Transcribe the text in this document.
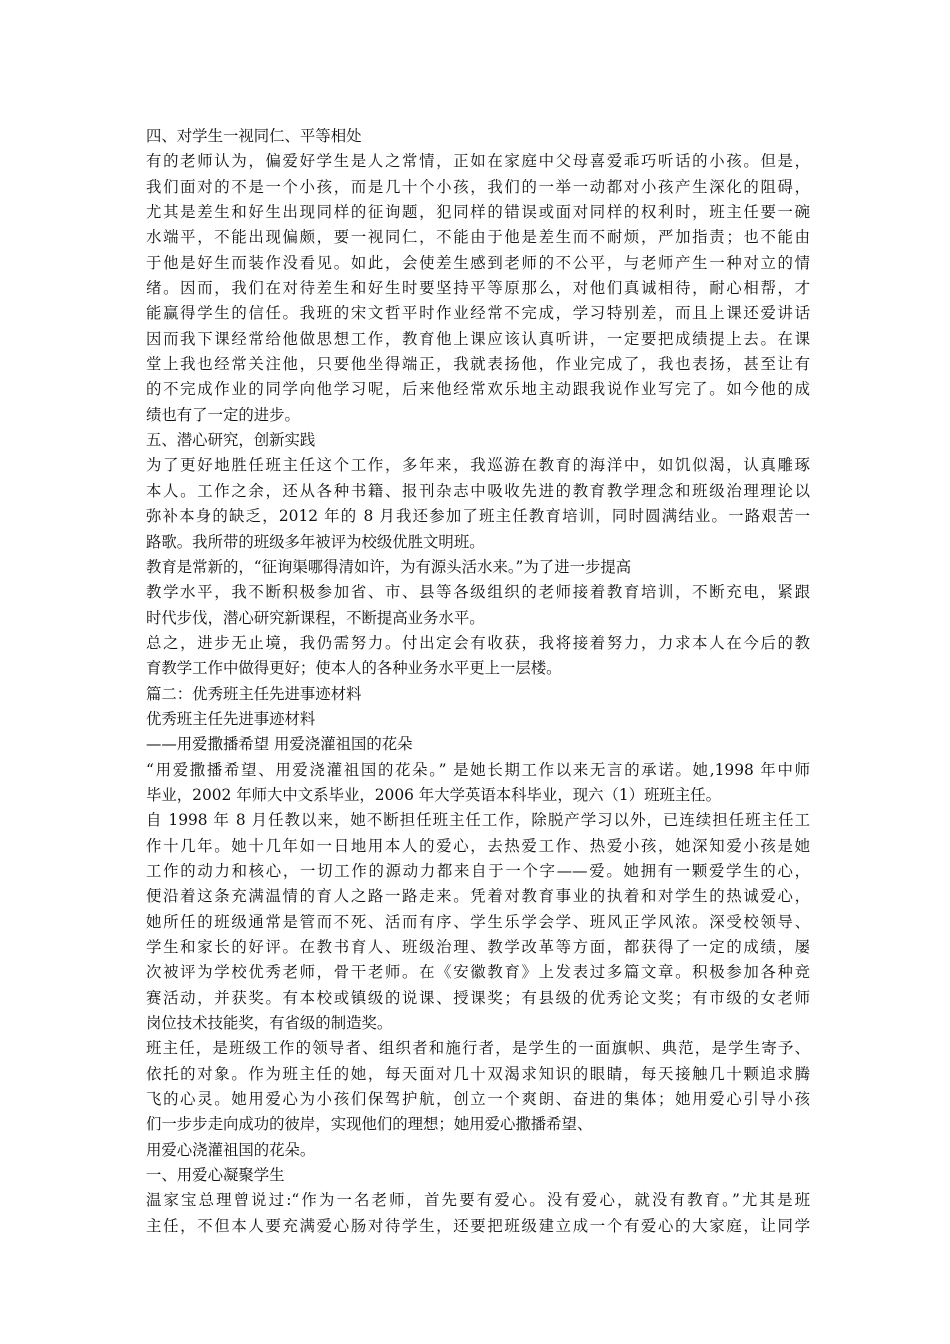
四、对学生一视同仁、平等相处
有的老师认为，偏爱好学生是人之常情，正如在家庭中父母喜爱乖巧听话的小孩。但是，
我们面对的不是一个小孩，而是几十个小孩，我们的一举一动都对小孩产生深化的阻碍，
尤其是差生和好生出现同样的征询题，犯同样的错误或面对同样的权利时，班主任要一碗
水端平，不能出现偏颇，要一视同仁，不能由于他是差生而不耐烦，严加指责；也不能由
于他是好生而装作没看见。如此，会使差生感到老师的不公平，与老师产生一种对立的情
绪。因而，我们在对待差生和好生时要坚持平等原那么，对他们真诚相待，耐心相帮，才
能赢得学生的信任。我班的宋文哲平时作业经常不完成，学习特别差，而且上课还爱讲话
因而我下课经常给他做思想工作，教育他上课应该认真听讲，一定要把成绩提上去。在课
堂上我也经常关注他，只要他坐得端正，我就表扬他，作业完成了，我也表扬，甚至让有
的不完成作业的同学向他学习呢，后来他经常欢乐地主动跟我说作业写完了。如今他的成
绩也有了一定的进步。
五、潜心研究，创新实践
为了更好地胜任班主任这个工作，多年来，我巡游在教育的海洋中，如饥似渴，认真雕琢
本人。工作之余，还从各种书籍、报刊杂志中吸收先进的教育教学理念和班级治理理论以
弥补本身的缺乏，2012 年的 8 月我还参加了班主任教育培训，同时圆满结业。一路艰苦一
路歌。我所带的班级多年被评为校级优胜文明班。
教育是常新的，“征询渠哪得清如许，为有源头活水来。”为了进一步提高
教学水平，我不断积极参加省、市、县等各级组织的老师接着教育培训，不断充电，紧跟
时代步伐，潜心研究新课程，不断提高业务水平。
总之，进步无止境，我仍需努力。付出定会有收获，我将接着努力，力求本人在今后的教
育教学工作中做得更好；使本人的各种业务水平更上一层楼。
篇二：优秀班主任先进事迹材料
优秀班主任先进事迹材料
——用爱撒播希望 用爱浇灌祖国的花朵
“用爱撒播希望、用爱浇灌祖国的花朵。” 是她长期工作以来无言的承诺。她,1998 年中师
毕业，2002 年师大中文系毕业，2006 年大学英语本科毕业，现六（1）班班主任。
自 1998 年 8 月任教以来，她不断担任班主任工作，除脱产学习以外，已连续担任班主任工
作十几年。她十几年如一日地用本人的爱心，去热爱工作、热爱小孩，她深知爱小孩是她
工作的动力和核心，一切工作的源动力都来自于一个字——爱。她拥有一颗爱学生的心，
便沿着这条充满温情的育人之路一路走来。凭着对教育事业的执着和对学生的热诚爱心，
她所任的班级通常是管而不死、活而有序、学生乐学会学、班风正学风浓。深受校领导、
学生和家长的好评。在教书育人、班级治理、教学改革等方面，都获得了一定的成绩，屡
次被评为学校优秀老师，骨干老师。在《安徽教育》上发表过多篇文章。积极参加各种竞
赛活动，并获奖。有本校或镇级的说课、授课奖；有县级的优秀论文奖；有市级的女老师
岗位技术技能奖，有省级的制造奖。
班主任，是班级工作的领导者、组织者和施行者，是学生的一面旗帜、典范，是学生寄予、
依托的对象。作为班主任的她，每天面对几十双渴求知识的眼睛，每天接触几十颗追求腾
飞的心灵。她用爱心为小孩们保驾护航，创立一个爽朗、奋进的集体；她用爱心引导小孩
们一步步走向成功的彼岸，实现他们的理想；她用爱心撒播希望、
用爱心浇灌祖国的花朵。
一、用爱心凝聚学生
温家宝总理曾说过:“作为一名老师，首先要有爱心。没有爱心，就没有教育。”尤其是班
主任，不但本人要充满爱心肠对待学生，还要把班级建立成一个有爱心的大家庭，让同学
